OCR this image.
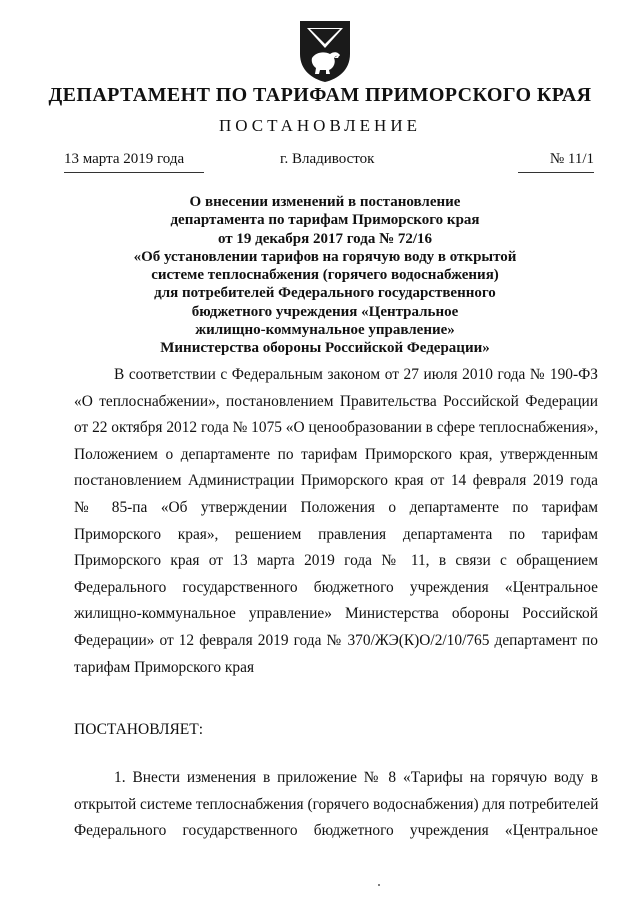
ДЕПАРТАМЕНТ ПО ТАРИФАМ ПРИМОРСКОГО КРАЯ
ПОСТАНОВЛЕНИЕ
13 марта 2019 года	г. Владивосток	№ 11/1
О внесении изменений в постановление
департамента по тарифам Приморского края
от 19 декабря 2017 года № 72/16
«Об установлении тарифов на горячую воду в открытой
системе теплоснабжения (горячего водоснабжения)
для потребителей Федерального государственного
бюджетного учреждения «Центральное
жилищно-коммунальное управление»
Министерства обороны Российской Федерации»
В соответствии с Федеральным законом от 27 июля 2010 года № 190-ФЗ
«О теплоснабжении», постановлением Правительства Российской Федерации
от 22 октября 2012 года № 1075 «О ценообразовании в сфере теплоснабжения»,
Положением о департаменте по тарифам Приморского края, утвержденным
постановлением Администрации Приморского края от 14 февраля 2019 года
№ 85-па «Об утверждении Положения о департаменте по тарифам
Приморского края», решением правления департамента по тарифам
Приморского края от 13 марта 2019 года № 11, в связи с обращением
Федерального государственного бюджетного учреждения «Центральное
жилищно-коммунальное управление» Министерства обороны Российской
Федерации» от 12 февраля 2019 года № 370/ЖЭ(К)О/2/10/765 департамент по
тарифам Приморского края
ПОСТАНОВЛЯЕТ:
1. Внести изменения в приложение № 8 «Тарифы на горячую воду в
открытой системе теплоснабжения (горячего водоснабжения) для потребителей
Федерального государственного бюджетного учреждения «Центральное
